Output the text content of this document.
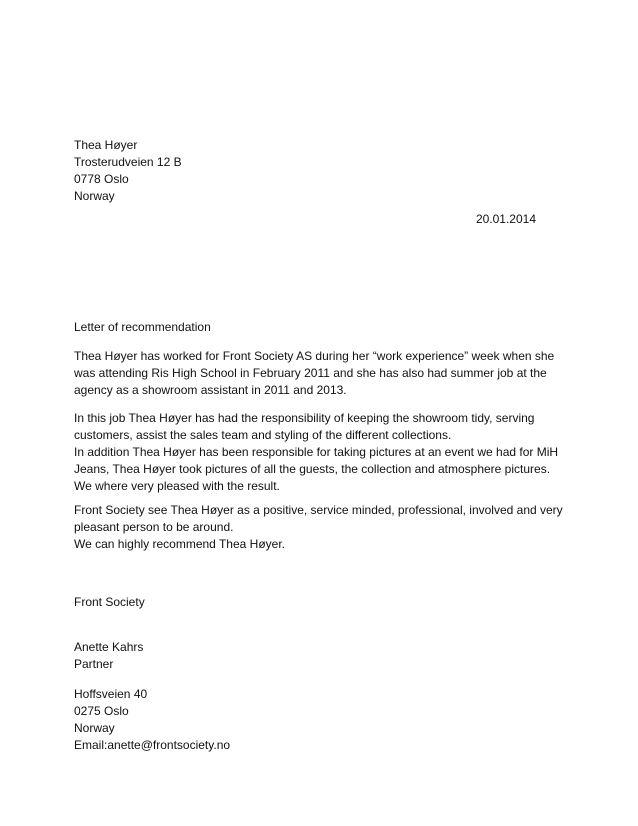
Thea Høyer
Trosterudveien 12 B
0778 Oslo
Norway
20.01.2014
Letter of recommendation
Thea Høyer has worked for Front Society AS during her “work experience” week when she was attending Ris High School in February 2011 and she has also had summer job at the agency as a showroom assistant in 2011 and 2013.
In this job Thea Høyer has had the responsibility of keeping the showroom tidy, serving customers, assist the sales team and styling of the different collections.
In addition Thea Høyer has been responsible for taking pictures at an event we had for MiH Jeans, Thea Høyer took pictures of all the guests, the collection and atmosphere pictures. We where very pleased with the result.
Front Society see Thea Høyer as a positive, service minded, professional, involved and very pleasant person to be around.
We can highly recommend Thea Høyer.
Front Society
Anette Kahrs
Partner
Hoffsveien 40
0275 Oslo
Norway
Email:anette@frontsociety.no
